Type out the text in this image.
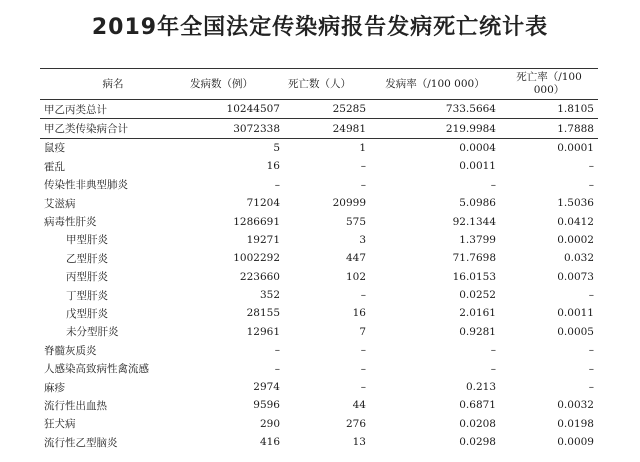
2019年全国法定传染病报告发病死亡统计表
病名	发病数（例）	死亡数（人）	发病率（/100 000）	死亡率（/100 000）
甲乙丙类总计	10244507	25285	733.5664	1.8105
甲乙类传染病合计	3072338	24981	219.9984	1.7888
鼠疫	5	1	0.0004	0.0001
霍乱	16	–	0.0011	–
传染性非典型肺炎	–	–	–	–
艾滋病	71204	20999	5.0986	1.5036
病毒性肝炎	1286691	575	92.1344	0.0412
甲型肝炎	19271	3	1.3799	0.0002
乙型肝炎	1002292	447	71.7698	0.032
丙型肝炎	223660	102	16.0153	0.0073
丁型肝炎	352	–	0.0252	–
戊型肝炎	28155	16	2.0161	0.0011
未分型肝炎	12961	7	0.9281	0.0005
脊髓灰质炎	–	–	–	–
人感染高致病性禽流感	–	–	–	–
麻疹	2974	–	0.213	–
流行性出血热	9596	44	0.6871	0.0032
狂犬病	290	276	0.0208	0.0198
流行性乙型脑炎	416	13	0.0298	0.0009
